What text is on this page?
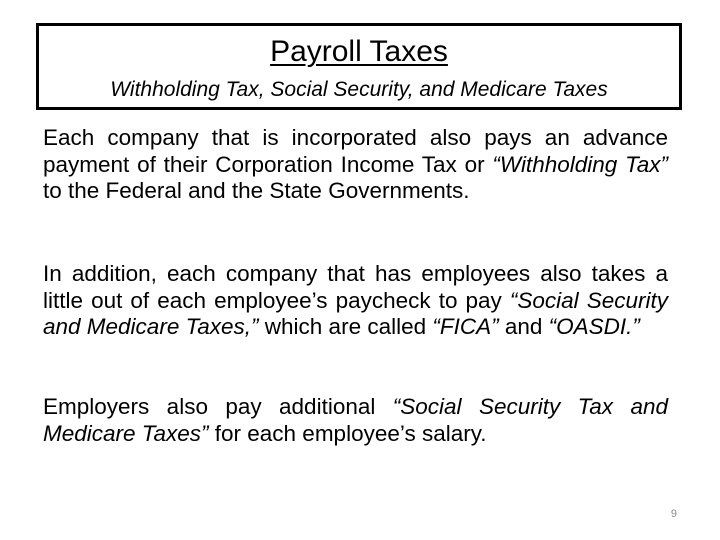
Payroll Taxes
Withholding Tax, Social Security, and Medicare Taxes

Each company that is incorporated also pays an advance payment of their Corporation Income Tax or “Withholding Tax” to the Federal and the State Governments.

In addition, each company that has employees also takes a little out of each employee’s paycheck to pay “Social Security and Medicare Taxes,” which are called “FICA” and “OASDI.”

Employers also pay additional “Social Security Tax and Medicare Taxes” for each employee’s salary.

9
